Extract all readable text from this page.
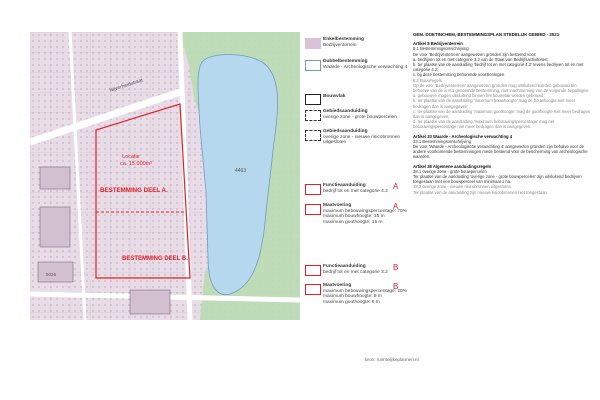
4463
5026
Locatie
ca. 15.000m²
BESTEMMING DEEL A.
BESTEMMING DEEL B.
Nijverheidstraat
Enkelbestemming
Bedrijventerrein
Dubbelbestemming
Waarde - Archeologische verwachting 4
Bouwvlak
Gebiedsaanduiding
overige zone - grote bouwpercelen
Gebiedsaanduiding
overige zone - nieuwe risicobronnen uitgesloten
Functieaanduiding
bedrijf tot en met categorie 4.2
A
Maatvoering
maximum bebouwingspercentage: 70%
maximum bouwhoogte: 15 m
maximum goothoogte: 15 m
A
Functieaanduiding
bedrijf tot en met categorie 3.2
B
Maatvoering
maximum bebouwingspercentage: 20%
maximum bouwhoogte: 9 m
maximum goothoogte: 6 m
B
GEM. DOETINCHEM, BESTEMMINGSPLAN STEDELIJK GEBIED - 2021

Artikel 8 Bedrijventerrein

8.1 Bestemmingsomschrijving

De voor 'Bedrijventerrein' aangewezen gronden zijn bestemd voor:

a. bedrijven tot en met categorie 3.2 van de Staat van Bedrijfsactiviteiten;

b. ter plaatse van de aanduiding 'bedrijf tot en met categorie 4.2' tevens bedrijven tot en met categorie 4.2;

c. bij deze bestemming behorende voorzieningen.

8.2 Bouwregels

Op de voor 'Bedrijventerrein' aangewezen gronden mag uitsluitend worden gebouwd ten behoeve van de in 8.1 genoemde bestemming, met inachtneming van de volgende bepalingen:

a. gebouwen mogen uitsluitend binnen het bouwvlak worden gebouwd;

b. ter plaatse van de aanduiding 'maximum bouwhoogte' mag de bouwhoogte niet meer bedragen dan is aangegeven;

c. ter plaatse van de aanduiding 'maximum goothoogte' mag de goothoogte niet meer bedragen dan is aangegeven;

d. ter plaatse van de aanduiding 'maximum bebouwingspercentage' mag het bebouwingspercentage niet meer bedragen dan is aangegeven.

Artikel 33 Waarde - Archeologische verwachting 4

33.1 Bestemmingsomschrijving

De voor 'Waarde - Archeologische verwachting 4' aangewezen gronden zijn behalve voor de andere voorkomende bestemmingen mede bestemd voor de bescherming van archeologische waarden.

Artikel 38 Algemene aanduidingsregels

38.1 overige zone - grote bouwpercelen

Ter plaatse van de aanduiding 'overige zone - grote bouwpercelen' zijn uitsluitend bedrijven toegestaan met een bouwperceel van minimaal 1 ha.

38.2 overige zone - nieuwe risicobronnen uitgesloten

Ter plaatse van de aanduiding zijn nieuwe risicobronnen niet toegestaan.

bron: ruimtelijkeplannen.nl
